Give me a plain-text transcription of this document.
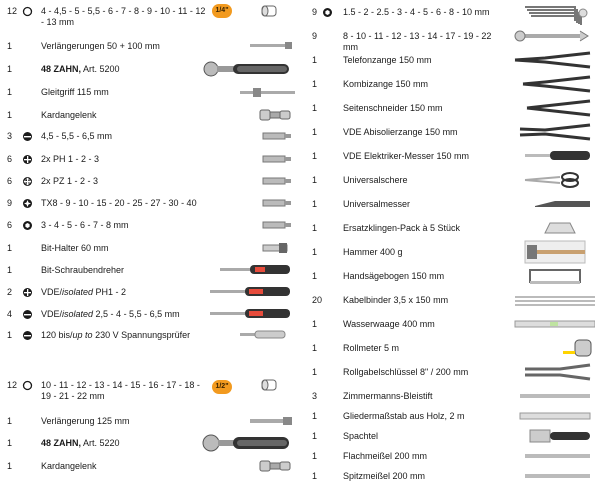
12	4 - 4,5 - 5 - 5,5 - 6 - 7 - 8 - 9 - 10 - 11 - 12 - 13 mm
1/4"
1	Verlängerungen 50 + 100 mm
1	48 ZAHN, Art. 5200
1	Gleitgriff 115 mm
1	Kardangelenk
3	4,5 - 5,5 - 6,5 mm
6	2x PH 1 - 2 - 3
6	2x PZ 1 - 2 - 3
9	TX8 - 9 - 10 - 15 - 20 - 25 - 27 - 30 - 40
6	3 - 4 - 5 - 6 - 7 - 8 mm
1	Bit-Halter 60 mm
1	Bit-Schraubendreher
2	VDE/isolated PH1 - 2
4	VDE/isolated 2,5 - 4 - 5,5 - 6,5 mm
1	120 bis/up to 230 V Spannungsprüfer
12	10 - 11 - 12 - 13 - 14 - 15 - 16 - 17 - 18 - 19 - 21 - 22 mm
1/2"
1	Verlängerung 125 mm
1	48 ZAHN, Art. 5220
1	Kardangelenk
9	1.5 - 2 - 2.5 - 3 - 4 - 5 - 6 - 8 - 10 mm
9	8 - 10 - 11 - 12 - 13 - 14 - 17 - 19 - 22 mm
1	Telefonzange 150 mm
1	Kombizange 150 mm
1	Seitenschneider 150 mm
1	VDE Abisolierzange 150 mm
1	VDE Elektriker-Messer 150 mm
1	Universalschere
1	Universalmesser
1	Ersatzklingen-Pack à 5 Stück
1	Hammer 400 g
1	Handsägebogen 150 mm
20	Kabelbinder 3,5 x 150 mm
1	Wasserwaage 400 mm
1	Rollmeter 5 m
1	Rollgabelschlüssel 8" / 200 mm
3	Zimmermanns-Bleistift
1	Gliedermaßstab aus Holz, 2 m
1	Spachtel
1	Flachmeißel 200 mm
1	Spitzmeißel 200 mm
